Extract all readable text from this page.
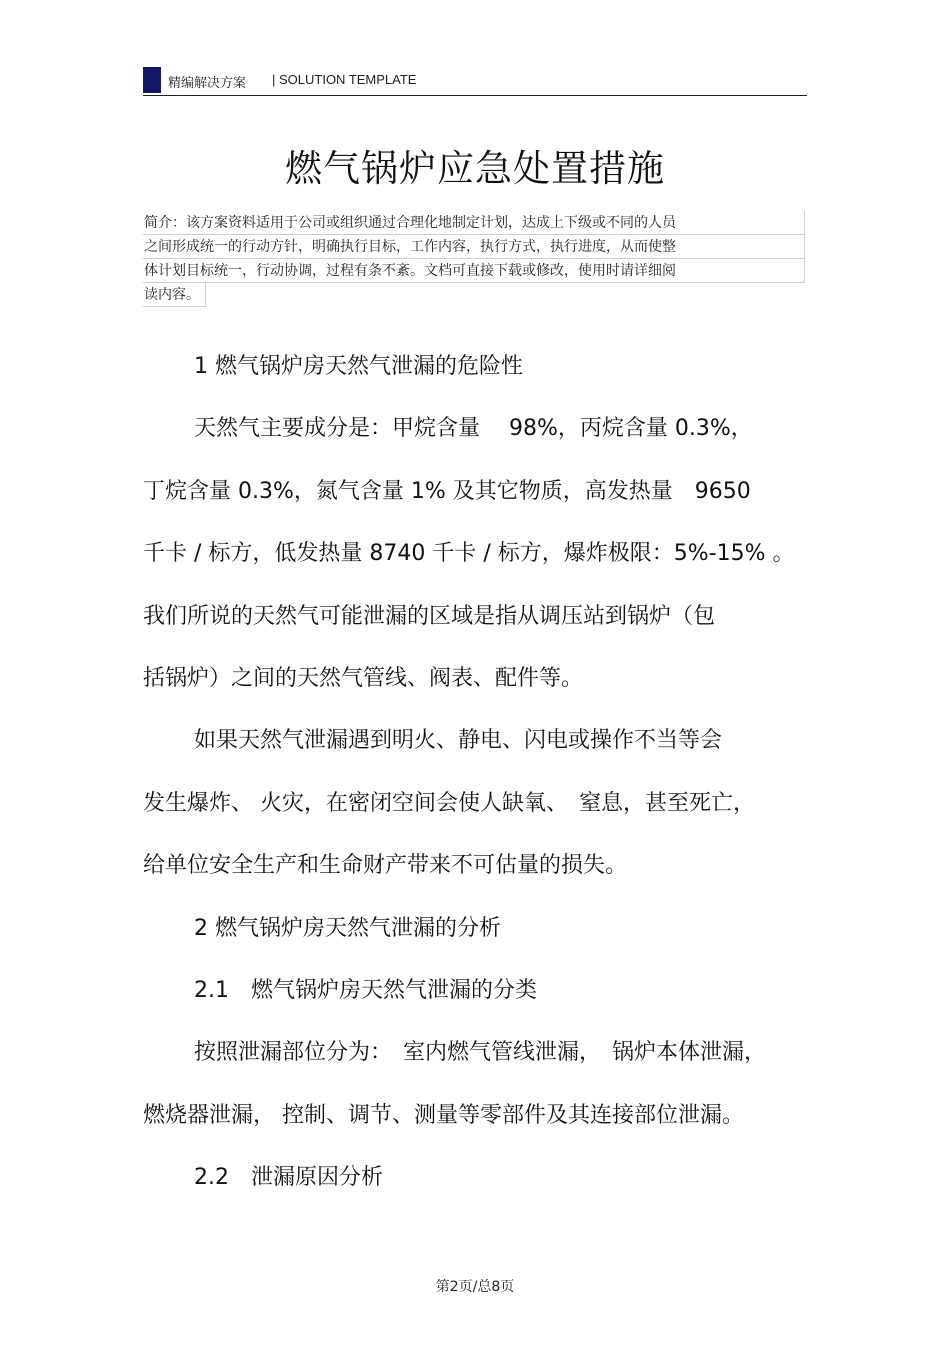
精编解决方案 | SOLUTION TEMPLATE
燃气锅炉应急处置措施
简介：该方案资料适用于公司或组织通过合理化地制定计划，达成上下级或不同的人员
之间形成统一的行动方针，明确执行目标，工作内容，执行方式，执行进度，从而使整
体计划目标统一，行动协调，过程有条不紊。文档可直接下载或修改，使用时请详细阅
读内容。
1 燃气锅炉房天然气泄漏的危险性
天然气主要成分是：甲烷含量　 98%，丙烷含量 0.3%，
丁烷含量 0.3%，氮气含量 1% 及其它物质，高发热量　9650
千卡 / 标方，低发热量 8740 千卡 / 标方，爆炸极限：5%-15% 。
我们所说的天然气可能泄漏的区域是指从调压站到锅炉（包
括锅炉）之间的天然气管线、阀表、配件等。
如果天然气泄漏遇到明火、静电、闪电或操作不当等会
发生爆炸、 火灾，在密闭空间会使人缺氧、　窒息，甚至死亡，
给单位安全生产和生命财产带来不可估量的损失。
2 燃气锅炉房天然气泄漏的分析
2.1　燃气锅炉房天然气泄漏的分类
按照泄漏部位分为：　室内燃气管线泄漏，　锅炉本体泄漏，
燃烧器泄漏， 控制、调节、测量等零部件及其连接部位泄漏。
2.2　泄漏原因分析
第2页/总8页
